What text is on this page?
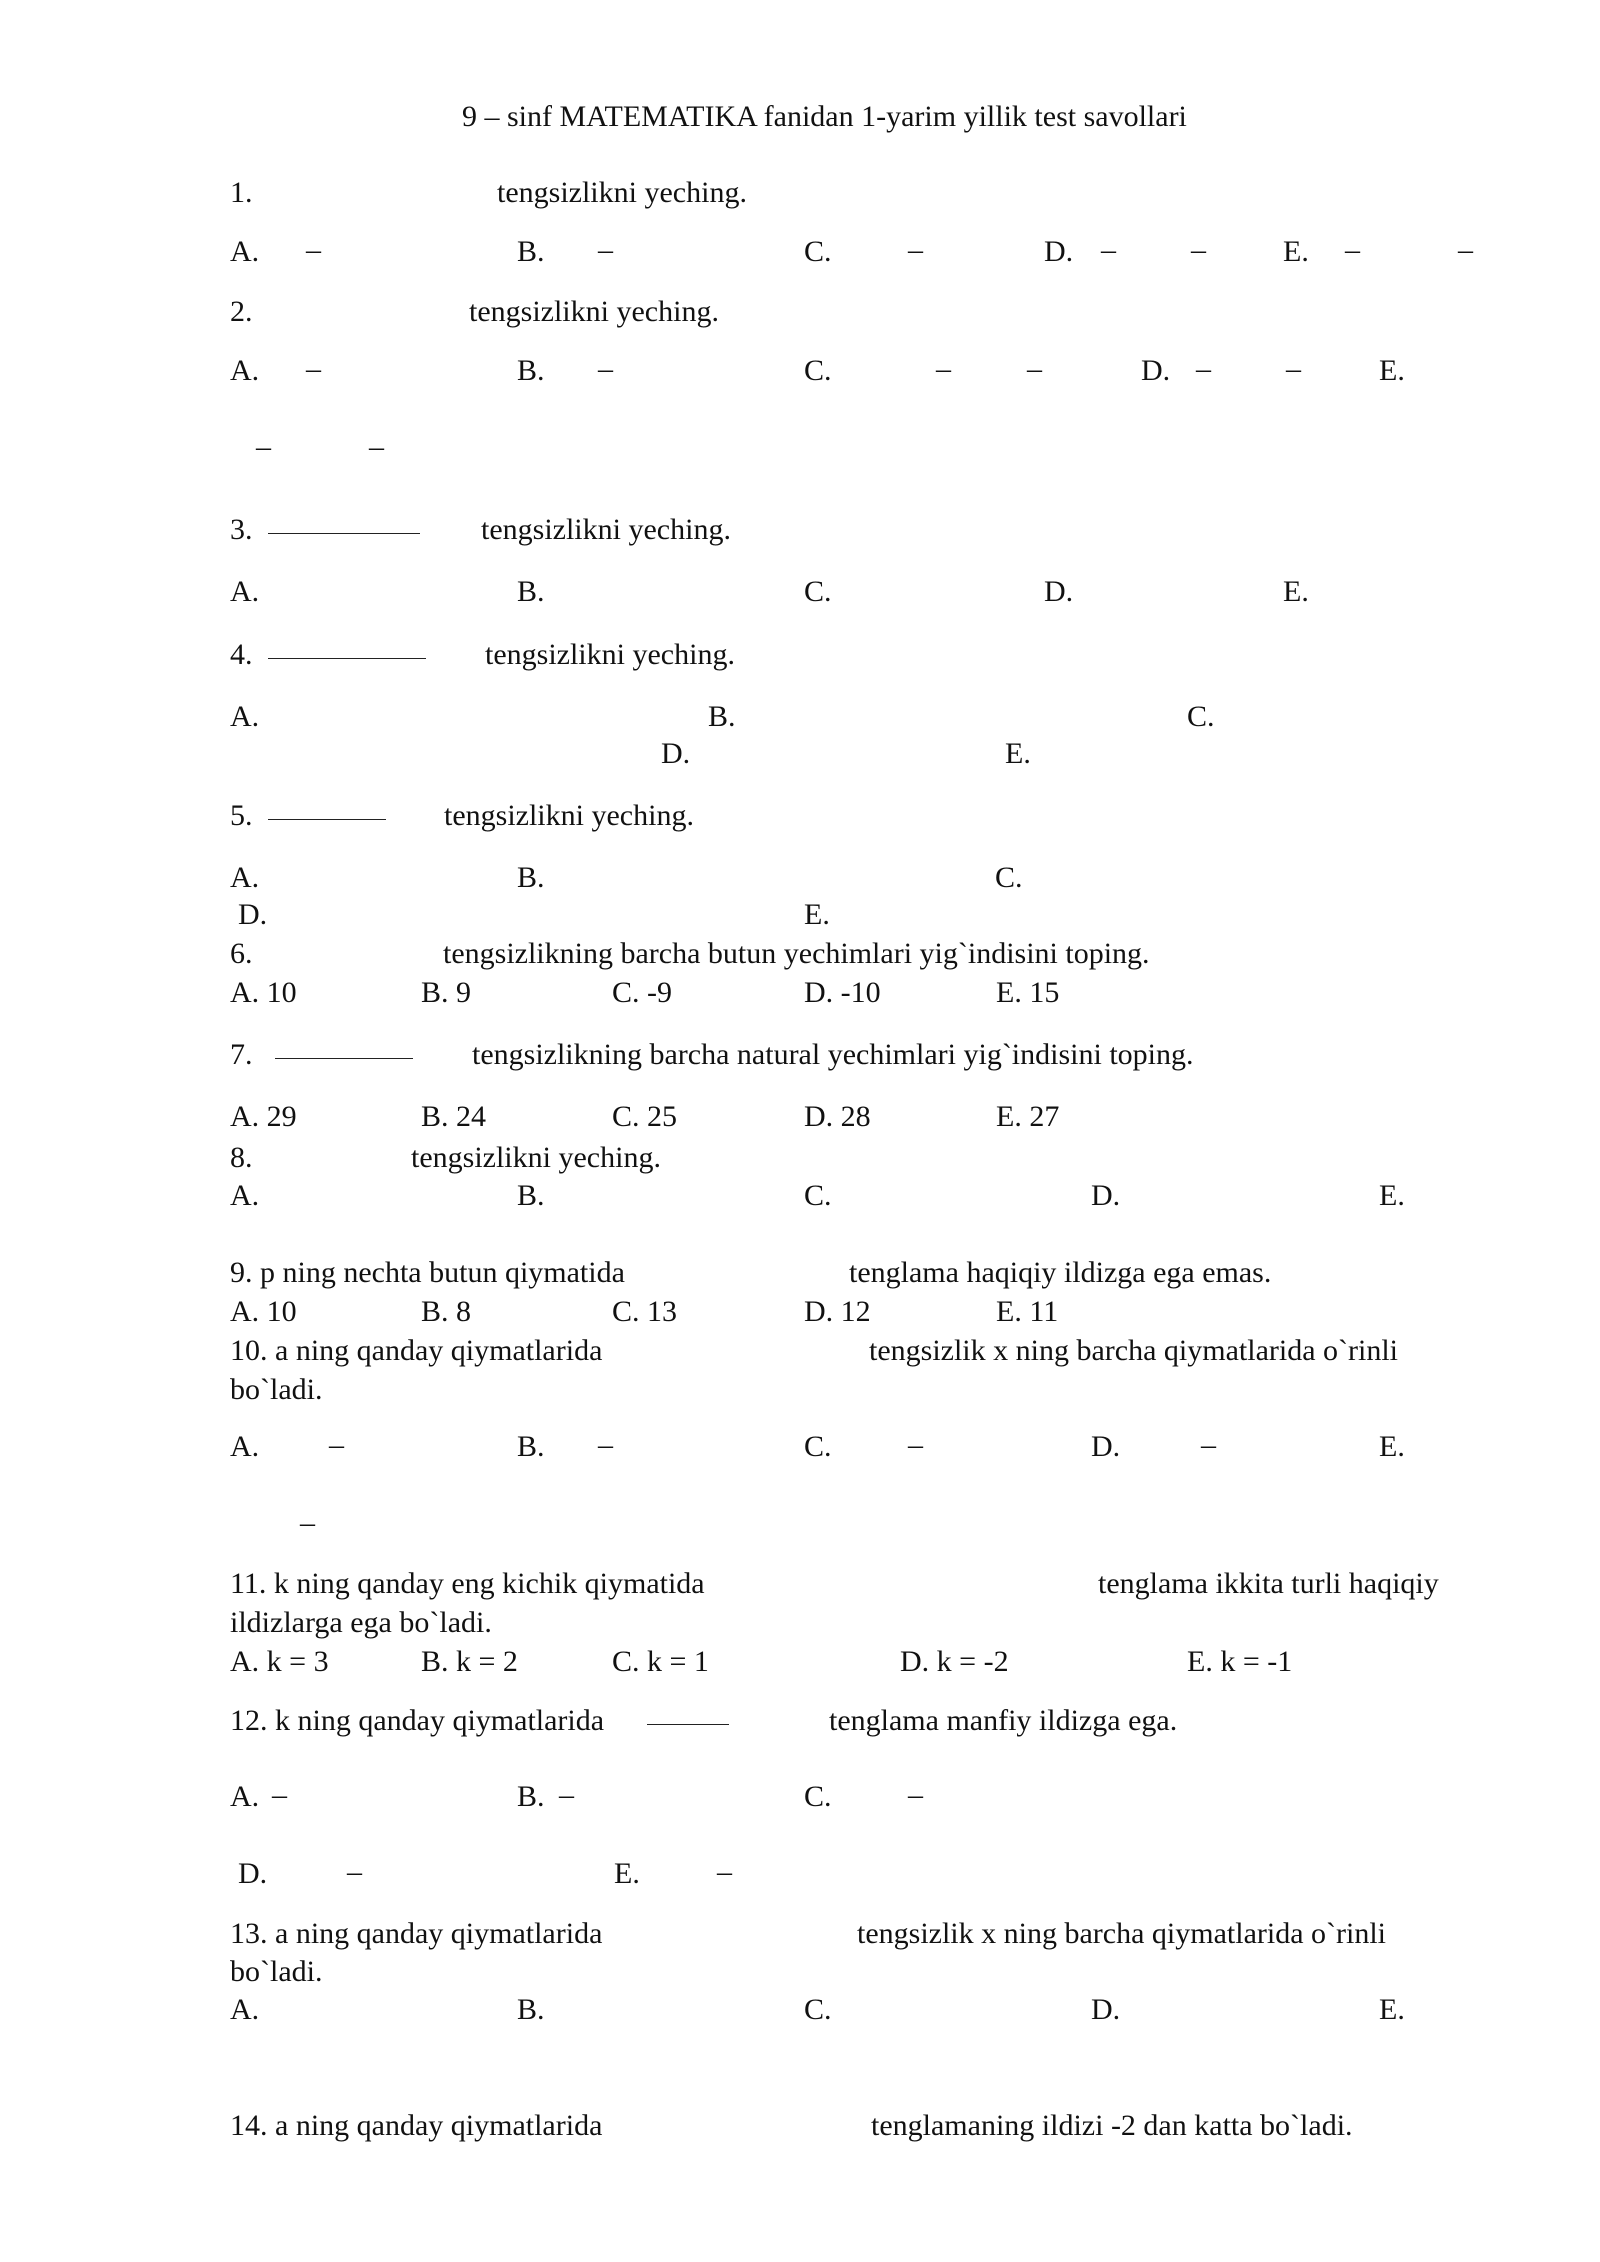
9 – sinf MATEMATIKA fanidan 1-yarim yillik test savollari
1.	tengsizlikni yeching.
A. –	B. –	C.	–	D. –	–	E. –	–
2.	tengsizlikni yeching.
A. –	B. –	C.	–	–	D. –	–	E.
–	–
3.	tengsizlikni yeching.
A.	B.	C.	D.	E.
4.	tengsizlikni yeching.
A.	B.	C.
D.	E.
5.	tengsizlikni yeching.
A.	B.	C.
D.	E.
6.	tengsizlikning barcha butun yechimlari yig`indisini toping.
A. 10	B. 9	C. -9	D. -10	E. 15
7.	tengsizlikning barcha natural yechimlari yig`indisini toping.
A. 29	B. 24	C. 25	D. 28	E. 27
8.	tengsizlikni yeching.
A.	B.	C.	D.	E.
9. p ning nechta butun qiymatida	tenglama haqiqiy ildizga ega emas.
A. 10	B. 8	C. 13	D. 12	E. 11
10. a ning qanday qiymatlarida	tengsizlik x ning barcha qiymatlarida o`rinli
bo`ladi.
A. –	B. –	C.	–	D.	–	E.
–
11. k ning qanday eng kichik qiymatida	tenglama ikkita turli haqiqiy
ildizlarga ega bo`ladi.
A. k = 3	B. k = 2	C. k = 1	D. k = -2	E. k = -1
12. k ning qanday qiymatlarida	tenglama manfiy ildizga ega.
A. –	B. –	C.	–
D.	–	E.	–
13. a ning qanday qiymatlarida	tengsizlik x ning barcha qiymatlarida o`rinli
bo`ladi.
A.	B.	C.	D.	E.
14. a ning qanday qiymatlarida	tenglamaning ildizi -2 dan katta bo`ladi.
